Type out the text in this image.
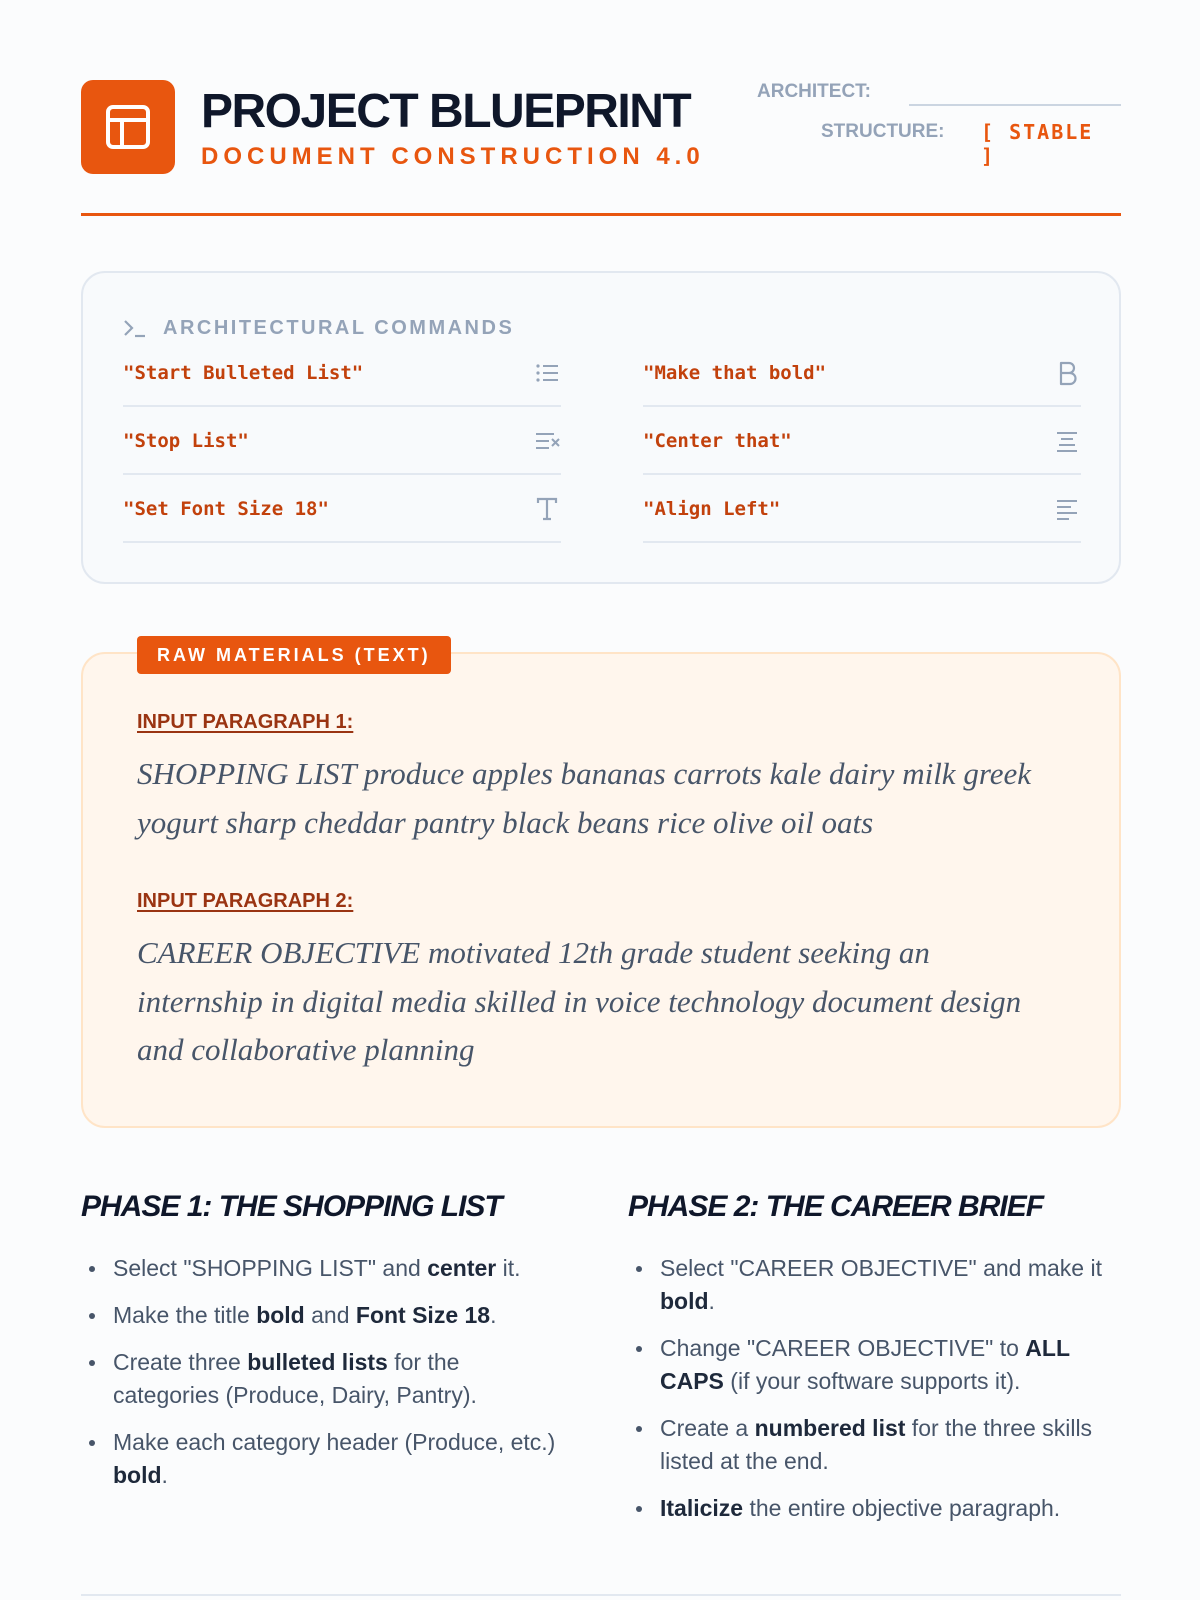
PROJECT BLUEPRINT
DOCUMENT CONSTRUCTION 4.0
ARCHITECT:
STRUCTURE: [ STABLE ]
ARCHITECTURAL COMMANDS
"Start Bulleted List"	"Make that bold"
"Stop List"	"Center that"
"Set Font Size 18"	"Align Left"
RAW MATERIALS (TEXT)
INPUT PARAGRAPH 1:

SHOPPING LIST produce apples bananas carrots kale dairy milk greek yogurt sharp cheddar pantry black beans rice olive oil oats

INPUT PARAGRAPH 2:

CAREER OBJECTIVE motivated 12th grade student seeking an internship in digital media skilled in voice technology document design and collaborative planning

PHASE 1: THE SHOPPING LIST
Select "SHOPPING LIST" and center it.
Make the title bold and Font Size 18.
Create three bulleted lists for the categories (Produce, Dairy, Pantry).
Make each category header (Produce, etc.) bold.
PHASE 2: THE CAREER BRIEF
Select "CAREER OBJECTIVE" and make it bold.
Change "CAREER OBJECTIVE" to ALL CAPS (if your software supports it).
Create a numbered list for the three skills listed at the end.
Italicize the entire objective paragraph.
